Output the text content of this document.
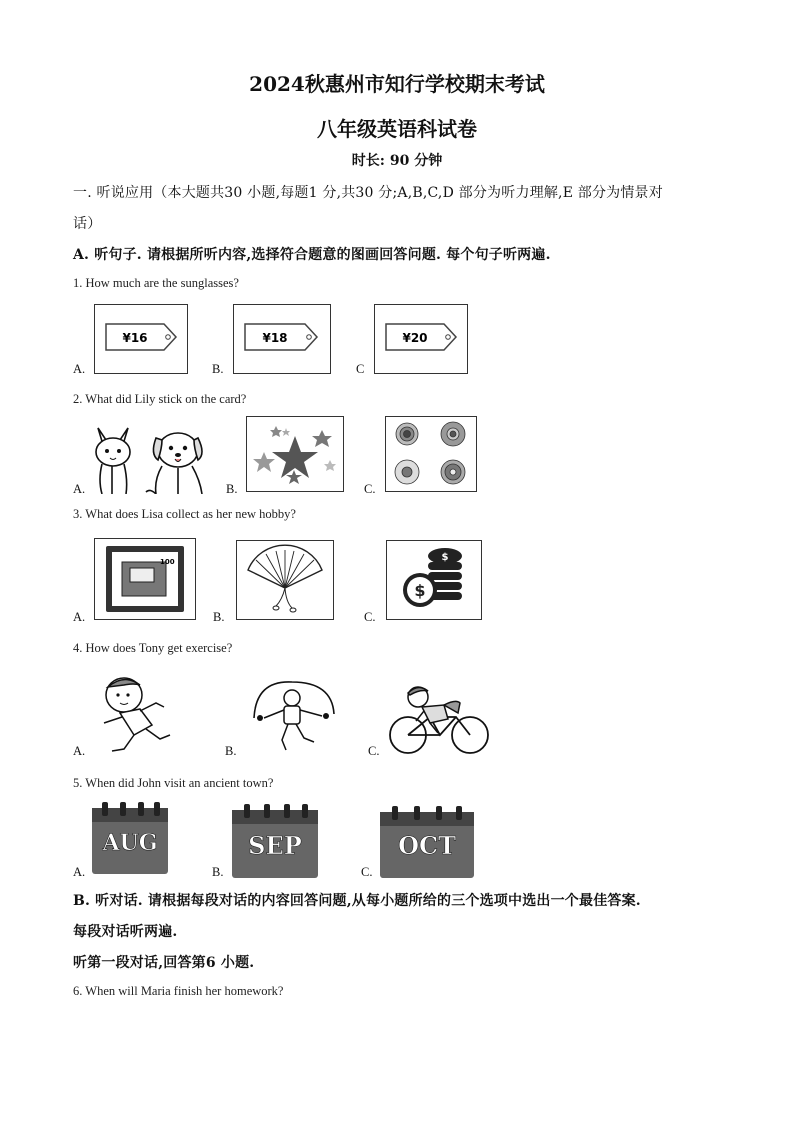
2024秋惠州市知行学校期末考试
八年级英语科试卷
时长: 90 分钟
一. 听说应用（本大题共30 小题,每题1 分,共30 分;A,B,C,D 部分为听力理解,E 部分为情景对
话）
A. 听句子. 请根据所听内容,选择符合题意的图画回答问题. 每个句子听两遍.
1. How much are the sunglasses?
¥16	¥18	¥20
A.	B.	C
2. What did Lily stick on the card?
A.	B.	C.
3. What does Lisa collect as her new hobby?
100
$
$
A.	B.	C.
4. How does Tony get exercise?
A.	B.	C.
5. When did John visit an ancient town?
AUG	SEP	OCT
A.	B.	C.
B. 听对话. 请根据每段对话的内容回答问题,从每小题所给的三个选项中选出一个最佳答案.
每段对话听两遍.
听第一段对话,回答第6 小题.
6. When will Maria finish her homework?
